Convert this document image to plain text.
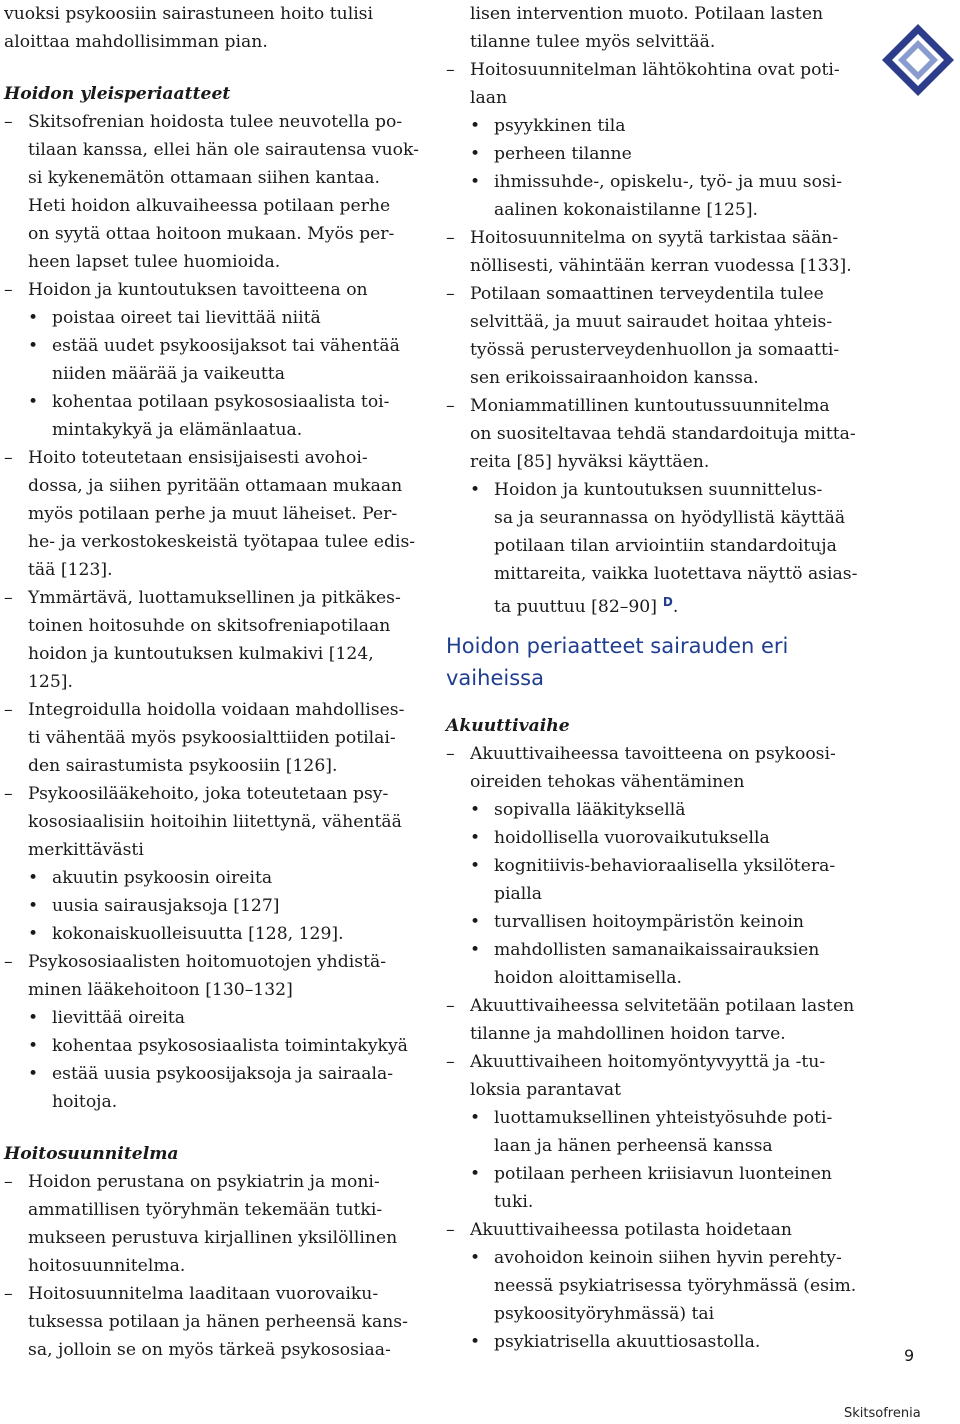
vuoksi psykoosiin sairastuneen hoito tulisi
aloittaa mahdollisimman pian.
Hoidon yleisperiaatteet
– Skitsofrenian hoidosta tulee neuvotella po-
tilaan kanssa, ellei hän ole sairautensa vuok-
si kykenemätön ottamaan siihen kantaa.
Heti hoidon alkuvaiheessa potilaan perhe
on syytä ottaa hoitoon mukaan. Myös per-
heen lapset tulee huomioida.
– Hoidon ja kuntoutuksen tavoitteena on
• poistaa oireet tai lievittää niitä
• estää uudet psykoosijaksot tai vähentää
niiden määrää ja vaikeutta
• kohentaa potilaan psykososiaalista toi-
mintakykyä ja elämänlaatua.
– Hoito toteutetaan ensisijaisesti avohoi-
dossa, ja siihen pyritään ottamaan mukaan
myös potilaan perhe ja muut läheiset. Per-
he- ja verkostokeskeistä työtapaa tulee edis-
tää [123].
– Ymmärtävä, luottamuksellinen ja pitkäkes-
toinen hoitosuhde on skitsofreniapotilaan
hoidon ja kuntoutuksen kulmakivi [124,
125].
– Integroidulla hoidolla voidaan mahdollises-
ti vähentää myös psykoosialttiiden potilai-
den sairastumista psykoosiin [126].
– Psykoosilääkehoito, joka toteutetaan psy-
kososiaalisiin hoitoihin liitettynä, vähentää
merkittävästi
• akuutin psykoosin oireita
• uusia sairausjaksoja [127]
• kokonaiskuolleisuutta [128, 129].
– Psykososiaalisten hoitomuotojen yhdistä-
minen lääkehoitoon [130–132]
• lievittää oireita
• kohentaa psykososiaalista toimintakykyä
• estää uusia psykoosijaksoja ja sairaala-
hoitoja.
Hoitosuunnitelma
– Hoidon perustana on psykiatrin ja moni-
ammatillisen työryhmän tekemään tutki-
mukseen perustuva kirjallinen yksilöllinen
hoitosuunnitelma.
– Hoitosuunnitelma laaditaan vuorovaiku-
tuksessa potilaan ja hänen perheensä kans-
sa, jolloin se on myös tärkeä psykososiaa-
lisen intervention muoto. Potilaan lasten
tilanne tulee myös selvittää.
– Hoitosuunnitelman lähtökohtina ovat poti-
laan
• psyykkinen tila
• perheen tilanne
• ihmissuhde-, opiskelu-, työ- ja muu sosi-
aalinen kokonaistilanne [125].
– Hoitosuunnitelma on syytä tarkistaa sään-
nöllisesti, vähintään kerran vuodessa [133].
– Potilaan somaattinen terveydentila tulee
selvittää, ja muut sairaudet hoitaa yhteis-
työssä perusterveydenhuollon ja somaatti-
sen erikoissairaanhoidon kanssa.
– Moniammatillinen kuntoutussuunnitelma
on suositeltavaa tehdä standardoituja mitta-
reita [85] hyväksi käyttäen.
• Hoidon ja kuntoutuksen suunnittelus-
sa ja seurannassa on hyödyllistä käyttää
potilaan tilan arviointiin standardoituja
mittareita, vaikka luotettava näyttö asias-
ta puuttuu [82–90] $^D$.
Hoidon periaatteet sairauden eri
vaiheissa
Akuuttivaihe
– Akuuttivaiheessa tavoitteena on psykoosi-
oireiden tehokas vähentäminen
• sopivalla lääkityksellä
• hoidollisella vuorovaikutuksella
• kognitiivis-behavioraalisella yksilötera-
pialla
• turvallisen hoitoympäristön keinoin
• mahdollisten samanaikaissairauksien
hoidon aloittamisella.
– Akuuttivaiheessa selvitetään potilaan lasten
tilanne ja mahdollinen hoidon tarve.
– Akuuttivaiheen hoitomyöntyvyyttä ja -tu-
loksia parantavat
• luottamuksellinen yhteistyösuhde poti-
laan ja hänen perheensä kanssa
• potilaan perheen kriisiavun luonteinen
tuki.
– Akuuttivaiheessa potilasta hoidetaan
• avohoidon keinoin siihen hyvin perehty-
neessä psykiatrisessa työryhmässä (esim.
psykoosityöryhmässä) tai
• psykiatrisella akuuttiosastolla.
9
Skitsofrenia
